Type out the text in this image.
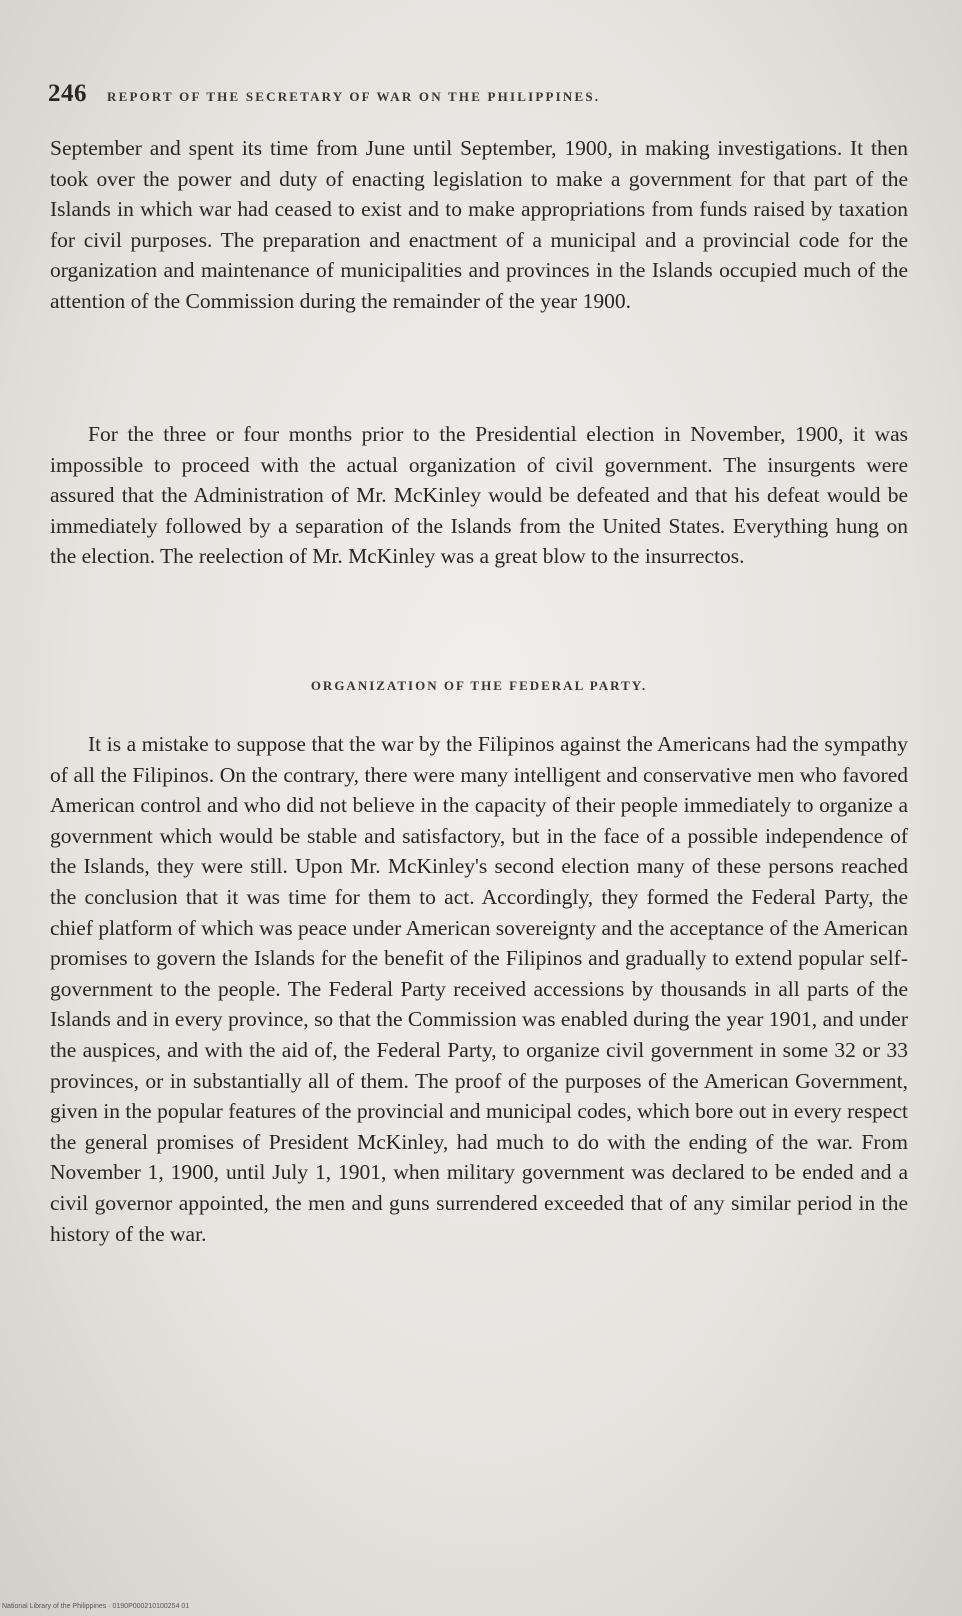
246 REPORT OF THE SECRETARY OF WAR ON THE PHILIPPINES.

September and spent its time from June until September, 1900, in making investigations. It then took over the power and duty of enacting legislation to make a government for that part of the Islands in which war had ceased to exist and to make appropriations from funds raised by taxation for civil purposes. The preparation and enactment of a municipal and a provincial code for the organization and maintenance of municipalities and provinces in the Islands occupied much of the attention of the Commission during the remainder of the year 1900.

For the three or four months prior to the Presidential election in November, 1900, it was impossible to proceed with the actual organization of civil government. The insurgents were assured that the Administration of Mr. McKinley would be defeated and that his defeat would be immediately followed by a separation of the Islands from the United States. Everything hung on the election. The reelection of Mr. McKinley was a great blow to the insurrectos.

ORGANIZATION OF THE FEDERAL PARTY.

It is a mistake to suppose that the war by the Filipinos against the Americans had the sympathy of all the Filipinos. On the contrary, there were many intelligent and conservative men who favored American control and who did not believe in the capacity of their people immediately to organize a government which would be stable and satisfactory, but in the face of a possible independence of the Islands, they were still. Upon Mr. McKinley's second election many of these persons reached the conclusion that it was time for them to act. Accordingly, they formed the Federal Party, the chief platform of which was peace under American sovereignty and the acceptance of the American promises to govern the Islands for the benefit of the Filipinos and gradually to extend popular self-government to the people. The Federal Party received accessions by thousands in all parts of the Islands and in every province, so that the Commission was enabled during the year 1901, and under the auspices, and with the aid of, the Federal Party, to organize civil government in some 32 or 33 provinces, or in substantially all of them. The proof of the purposes of the American Government, given in the popular features of the provincial and municipal codes, which bore out in every respect the general promises of President McKinley, had much to do with the ending of the war. From November 1, 1900, until July 1, 1901, when military government was declared to be ended and a civil governor appointed, the men and guns surrendered exceeded that of any similar period in the history of the war.

National Library of the Philippines · 0190P000210100254 01
